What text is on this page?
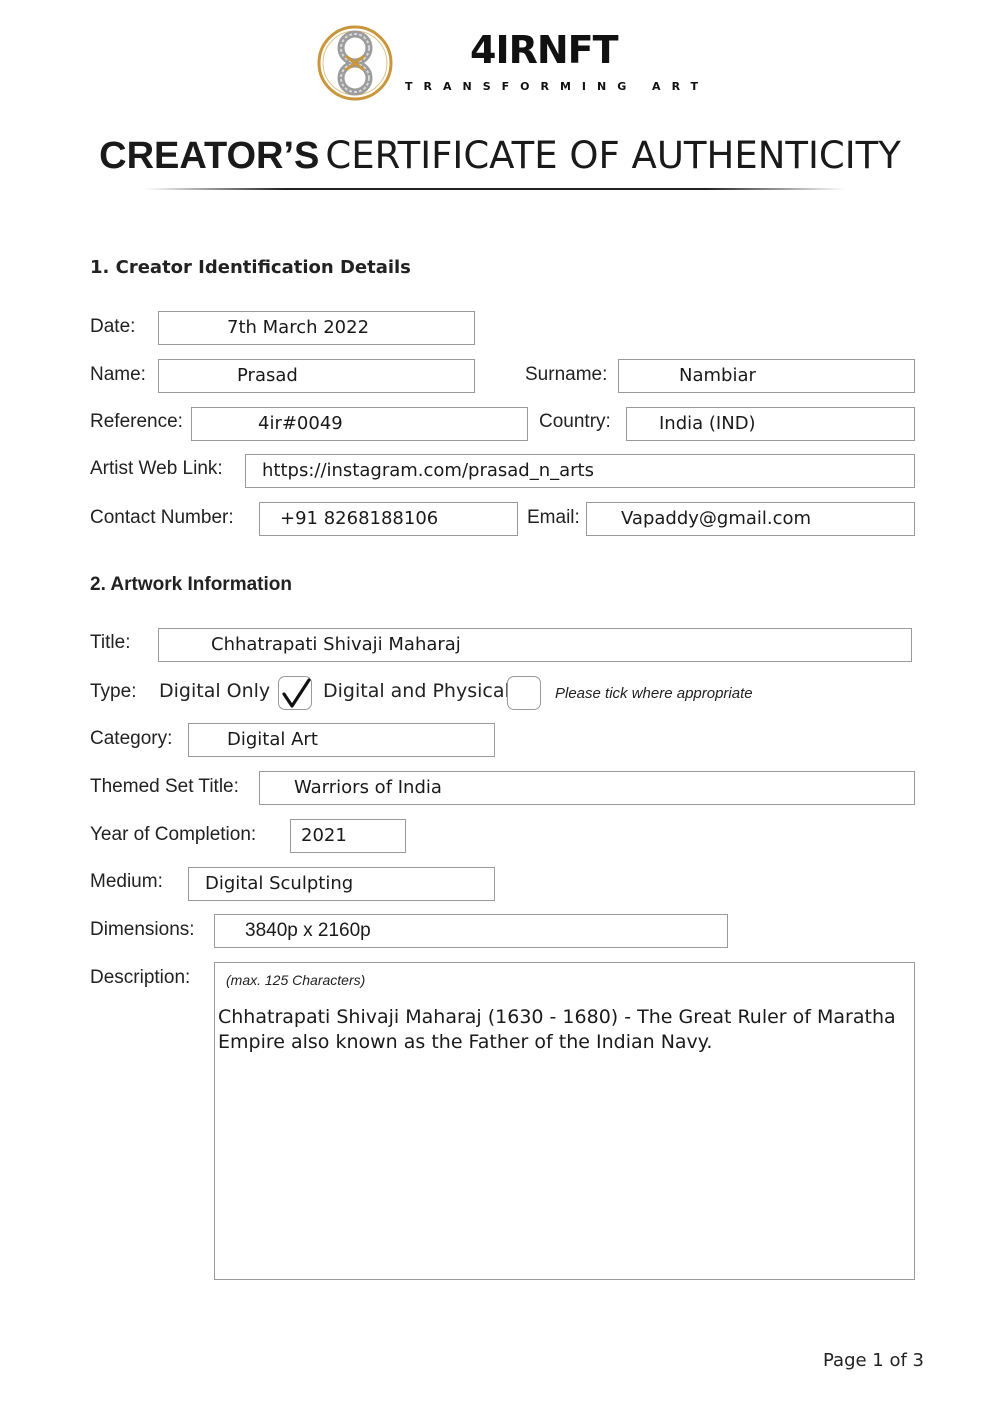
4IRNFT
TRANSFORMING ART
CREATOR’S CERTIFICATE OF AUTHENTICITY
1. Creator Identification Details
Date:	7th March 2022
Name:	Prasad	Surname:	Nambiar
Reference:	4ir#0049	Country:	India (IND)
Artist Web Link:	https://instagram.com/prasad_n_arts
Contact Number:	+91 8268188106	Email:	Vapaddy@gmail.com
2. Artwork Information
Title:	Chhatrapati Shivaji Maharaj
Type: Digital Only	Digital and Physical	Please tick where appropriate
Category:	Digital Art
Themed Set Title:	Warriors of India
Year of Completion:	2021
Medium:	Digital Sculpting
Dimensions:	3840p x 2160p
Description:	(max. 125 Characters)
Chhatrapati Shivaji Maharaj (1630 - 1680) - The Great Ruler of Maratha Empire also known as the Father of the Indian Navy.
Page 1 of 3
